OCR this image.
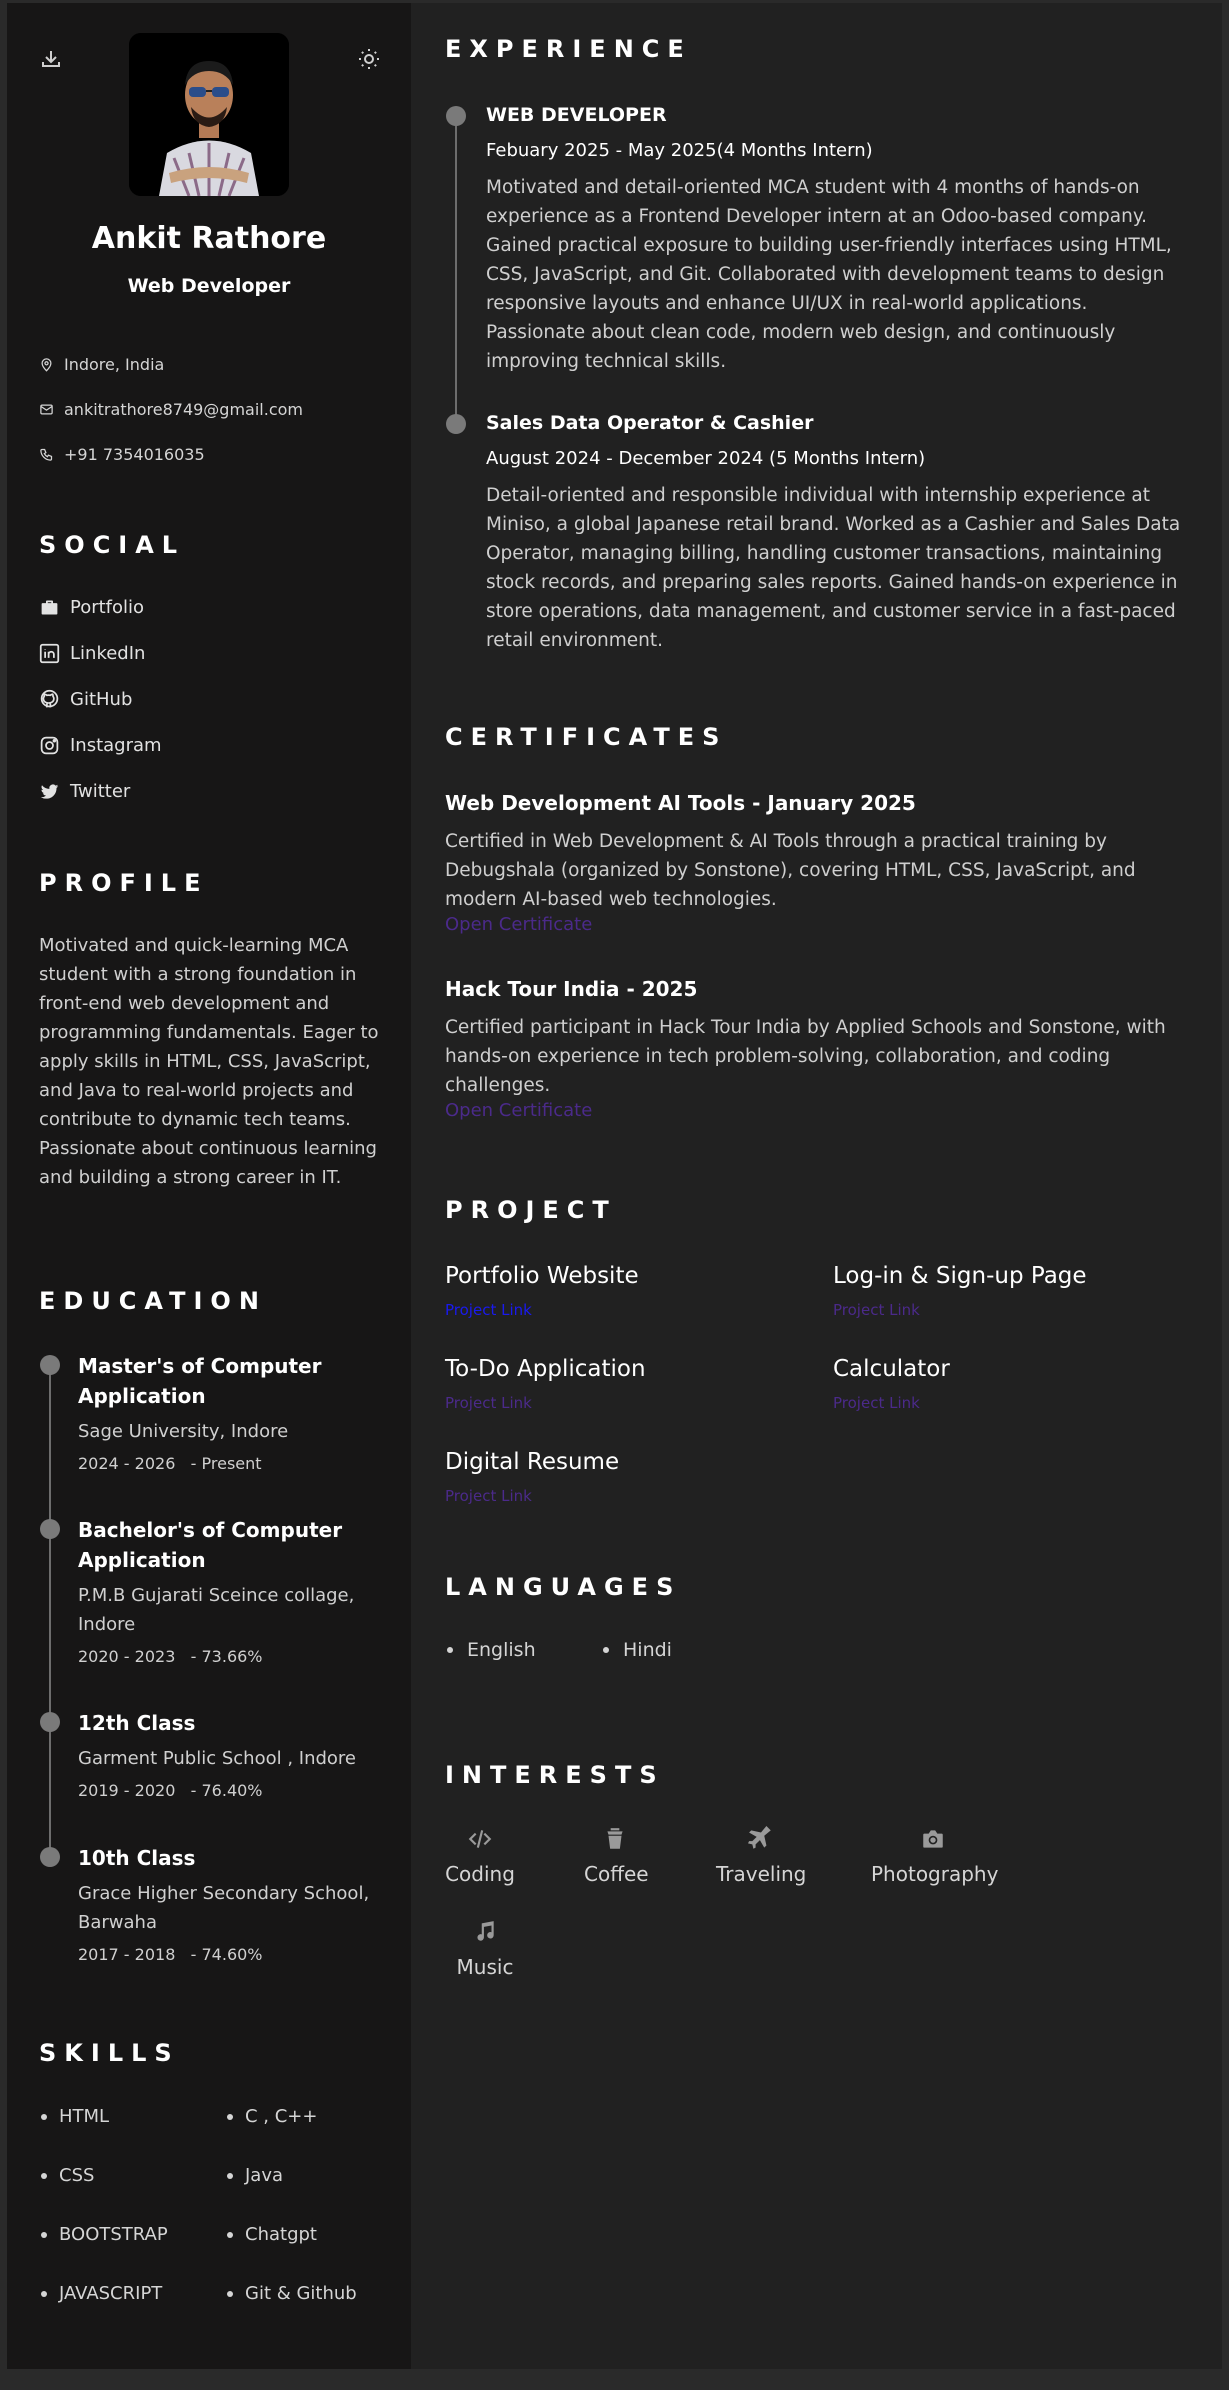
Ankit Rathore
Web Developer
Indore, India
ankitrathore8749@gmail.com
+91 7354016035
SOCIAL
Portfolio
LinkedIn
GitHub
Instagram
Twitter
PROFILE
Motivated and quick-learning MCA student with a strong foundation in front-end web development and programming fundamentals. Eager to apply skills in HTML, CSS, JavaScript, and Java to real-world projects and contribute to dynamic tech teams. Passionate about continuous learning and building a strong career in IT.
EDUCATION
Master's of Computer Application
Sage University, Indore
2024 - 2026   - Present
Bachelor's of Computer Application
P.M.B Gujarati Sceince collage, Indore
2020 - 2023   - 73.66%
12th Class
Garment Public School , Indore
2019 - 2020   - 76.40%
10th Class
Grace Higher Secondary School, Barwaha
2017 - 2018   - 74.60%
SKILLS
HTML	C , C++
CSS	Java
BOOTSTRAP	Chatgpt
JAVASCRIPT	Git & Github
EXPERIENCE
WEB DEVELOPER
Febuary 2025 - May 2025(4 Months Intern)
Motivated and detail-oriented MCA student with 4 months of hands-on experience as a Frontend Developer intern at an Odoo-based company. Gained practical exposure to building user-friendly interfaces using HTML, CSS, JavaScript, and Git. Collaborated with development teams to design responsive layouts and enhance UI/UX in real-world applications. Passionate about clean code, modern web design, and continuously improving technical skills.
Sales Data Operator & Cashier
August 2024 - December 2024 (5 Months Intern)
Detail-oriented and responsible individual with internship experience at Miniso, a global Japanese retail brand. Worked as a Cashier and Sales Data Operator, managing billing, handling customer transactions, maintaining stock records, and preparing sales reports. Gained hands-on experience in store operations, data management, and customer service in a fast-paced retail environment.
CERTIFICATES
Web Development AI Tools - January 2025
Certified in Web Development & AI Tools through a practical training by Debugshala (organized by Sonstone), covering HTML, CSS, JavaScript, and modern AI-based web technologies.
Open Certificate
Hack Tour India - 2025
Certified participant in Hack Tour India by Applied Schools and Sonstone, with hands-on experience in tech problem-solving, collaboration, and coding challenges.
Open Certificate
PROJECT
Portfolio Website
Project Link
Log-in & Sign-up Page
Project Link
To-Do Application
Project Link
Calculator
Project Link
Digital Resume
Project Link
LANGUAGES
English	Hindi
INTERESTS
Coding	Coffee	Traveling	Photography
Music
